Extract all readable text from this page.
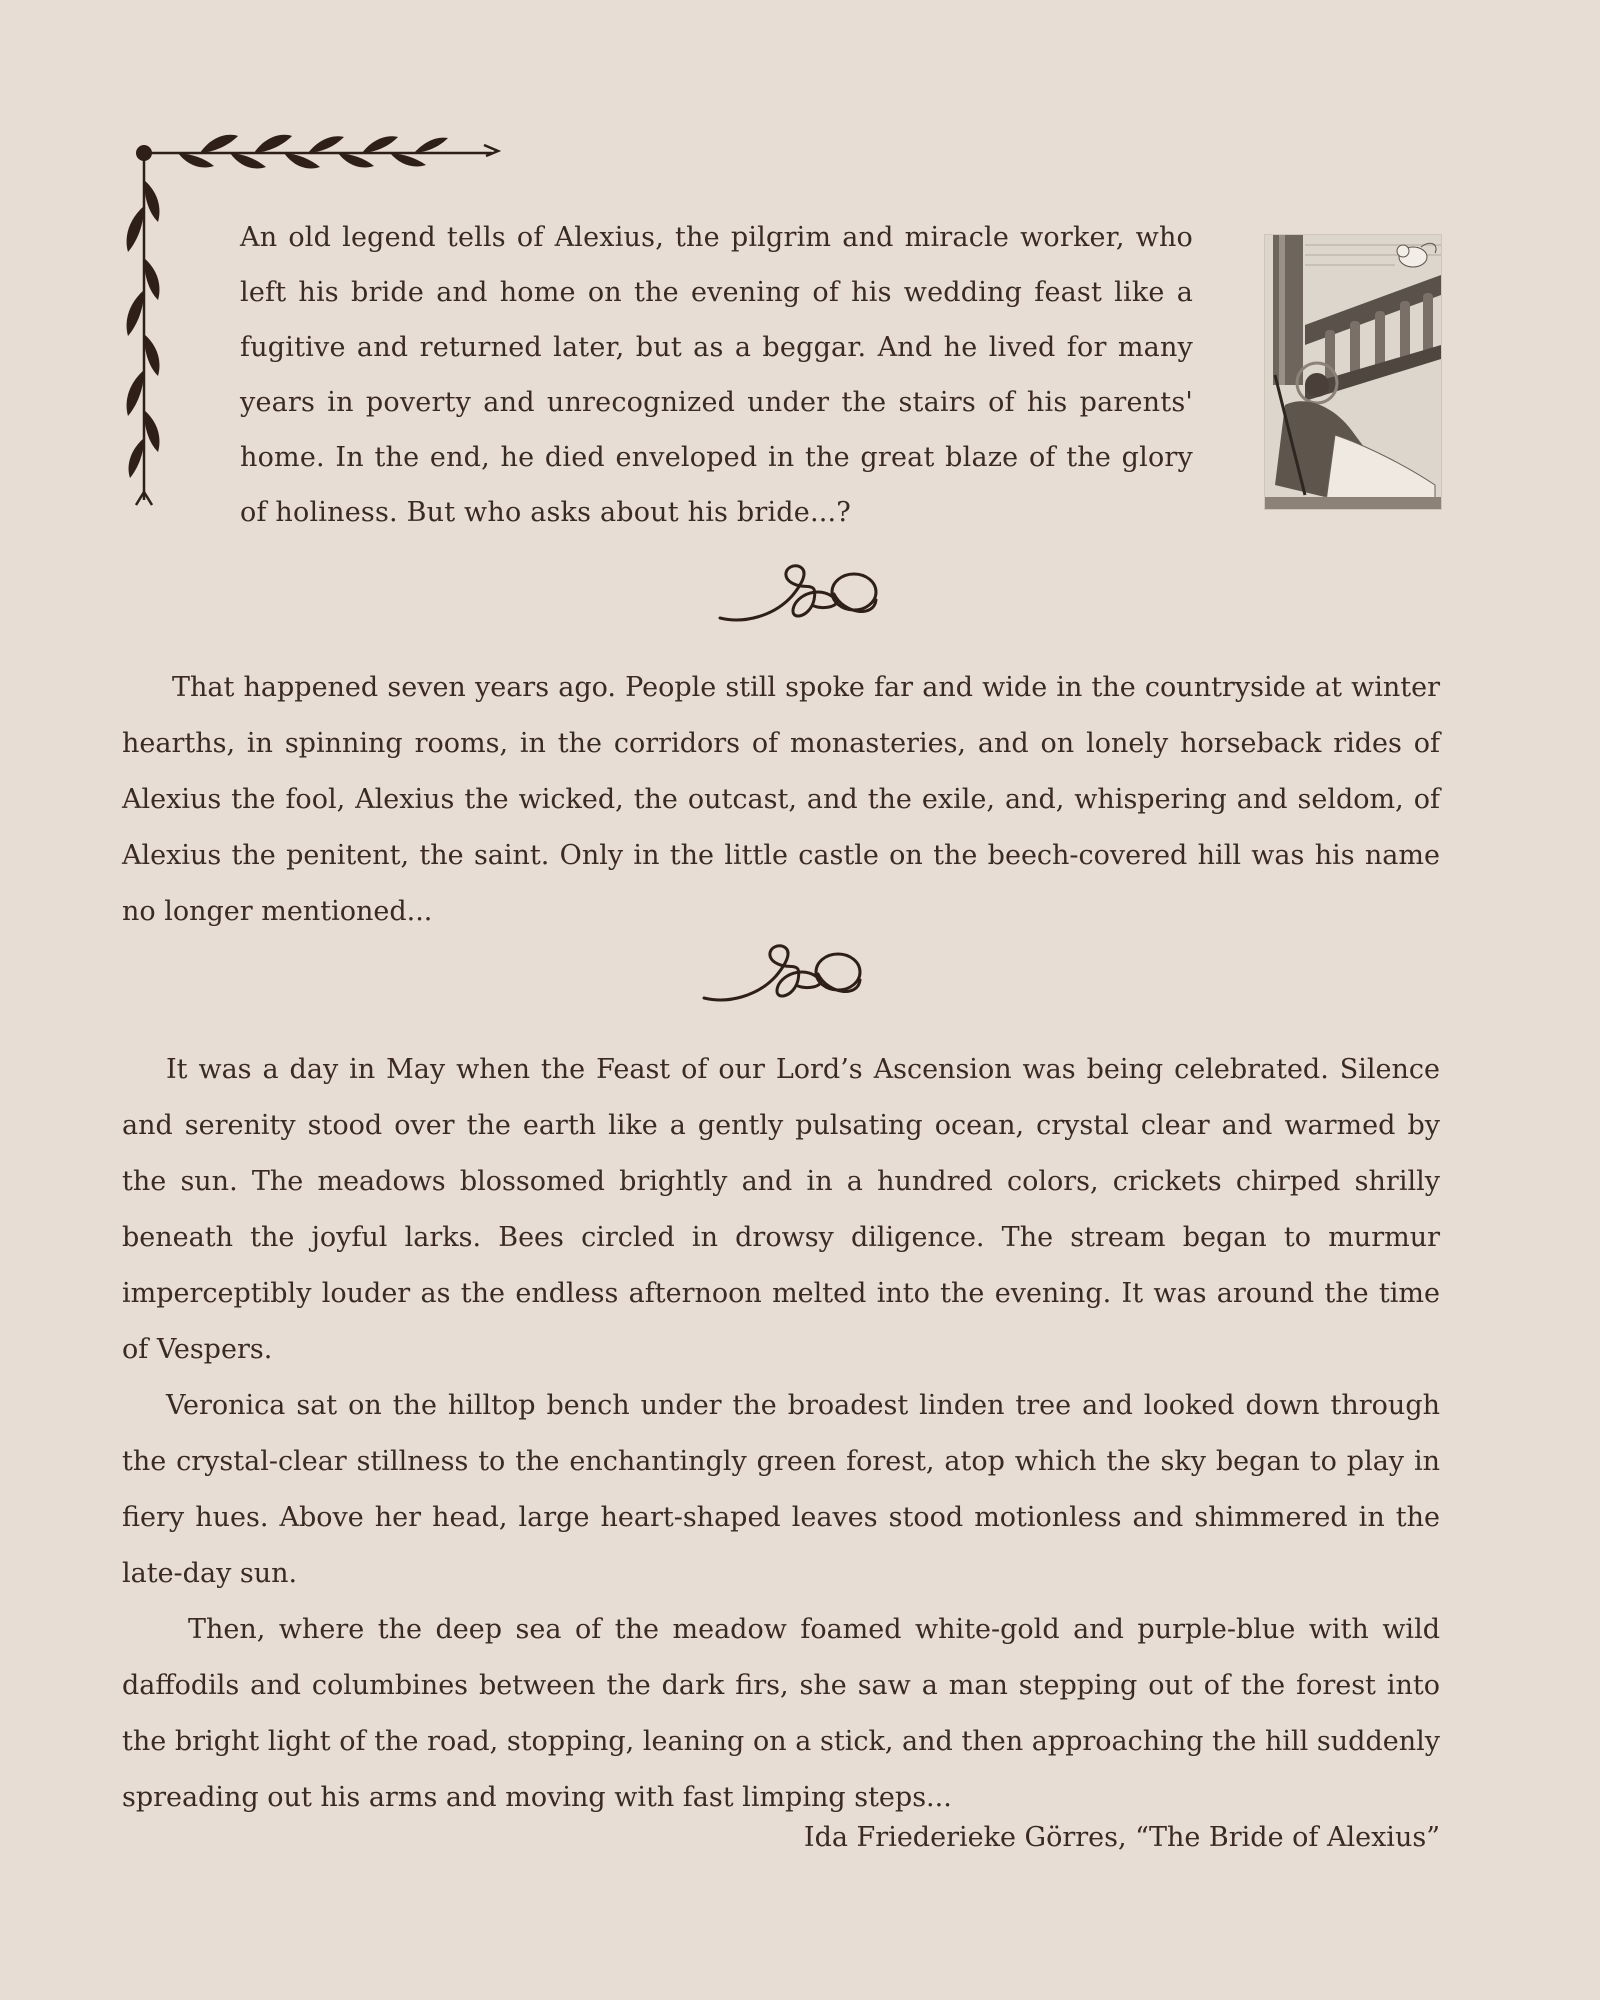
An old legend tells of Alexius, the pilgrim and miracle worker, who left his bride and home on the evening of his wedding feast like a fugitive and returned later, but as a beggar. And he lived for many years in poverty and unrecognized under the stairs of his parents' home. In the end, he died enveloped in the great blaze of the glory of holiness. But who asks about his bride...?

That happened seven years ago. People still spoke far and wide in the countryside at winter hearths, in spinning rooms, in the corridors of monasteries, and on lonely horseback rides of Alexius the fool, Alexius the wicked, the outcast, and the exile, and, whispering and seldom, of Alexius the penitent, the saint. Only in the little castle on the beech-covered hill was his name no longer mentioned...

It was a day in May when the Feast of our Lord’s Ascension was being celebrated. Silence and serenity stood over the earth like a gently pulsating ocean, crystal clear and warmed by the sun. The meadows blossomed brightly and in a hundred colors, crickets chirped shrilly beneath the joyful larks. Bees circled in drowsy diligence. The stream began to murmur imperceptibly louder as the endless afternoon melted into the evening. It was around the time of Vespers.

Veronica sat on the hilltop bench under the broadest linden tree and looked down through the crystal-clear stillness to the enchantingly green forest, atop which the sky began to play in fiery hues. Above her head, large heart-shaped leaves stood motionless and shimmered in the late-day sun.

Then, where the deep sea of the meadow foamed white-gold and purple-blue with wild daffodils and columbines between the dark firs, she saw a man stepping out of the forest into the bright light of the road, stopping, leaning on a stick, and then approaching the hill suddenly spreading out his arms and moving with fast limping steps...

Ida Friederieke Görres, “The Bride of Alexius”
